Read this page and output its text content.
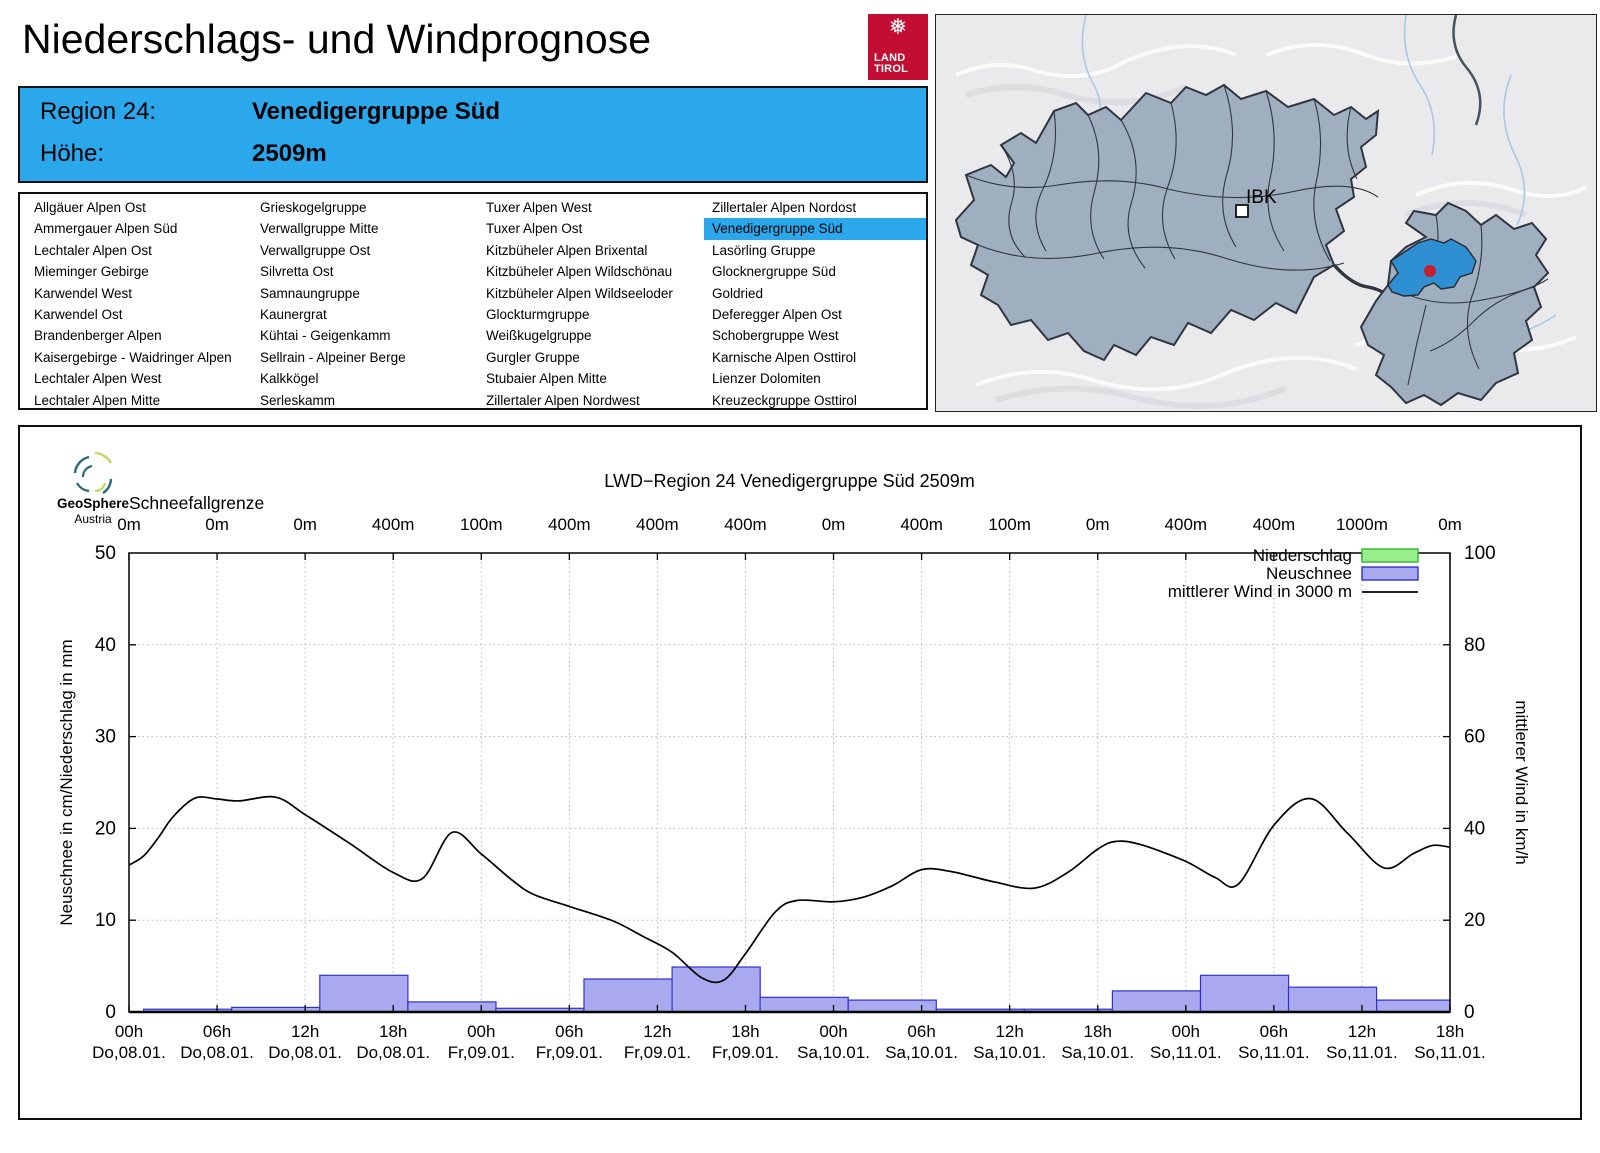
Niederschlags- und Windprognose	❅
LAND
TIROL
Region 24:	Venedigergruppe Süd
Höhe:	2509m
Allgäuer Alpen Ost
Ammergauer Alpen Süd
Lechtaler Alpen Ost
Mieminger Gebirge
Karwendel West
Karwendel Ost
Brandenberger Alpen
Kaisergebirge - Waidringer Alpen
Lechtaler Alpen West
Lechtaler Alpen Mitte
Grieskogelgruppe
Verwallgruppe Mitte
Verwallgruppe Ost
Silvretta Ost
Samnaungruppe
Kaunergrat
Kühtai - Geigenkamm
Sellrain - Alpeiner Berge
Kalkkögel
Serleskamm
Tuxer Alpen West
Tuxer Alpen Ost
Kitzbüheler Alpen Brixental
Kitzbüheler Alpen Wildschönau
Kitzbüheler Alpen Wildseeloder
Glockturmgruppe
Weißkugelgruppe
Gurgler Gruppe
Stubaier Alpen Mitte
Zillertaler Alpen Nordwest
Zillertaler Alpen Nordost
Venedigergruppe Süd
Lasörling Gruppe
Glocknergruppe Süd
Goldried
Deferegger Alpen Ost
Schobergruppe West
Karnische Alpen Osttirol
Lienzer Dolomiten
Kreuzeckgruppe Osttirol
IBK
GeoSphere
Austria
LWD−Region 24 Venedigergruppe Süd 2509m
Schneefallgrenze
0m	0m	0m	400m	100m	400m	400m	400m	0m	400m	100m	0m	400m	400m 1000m	0m
0
10
20
30
40
50
0
20
40
60
80
100
00h	06h	12h	18h	00h	06h	12h	18h	00h	06h	12h	18h	00h	06h	12h	18h
Do,08.01. Do,08.01. Do,08.01. Do,08.01. Fr,09.01. Fr,09.01. Fr,09.01. Fr,09.01. Sa,10.01. Sa,10.01. Sa,10.01. Sa,10.01. So,11.01. So,11.01. So,11.01. So,11.01.
Neuschnee in cm/Niederschlag in mm	mittlerer Wind in km/h
Niederschlag
Neuschnee
mittlerer Wind in 3000 m
